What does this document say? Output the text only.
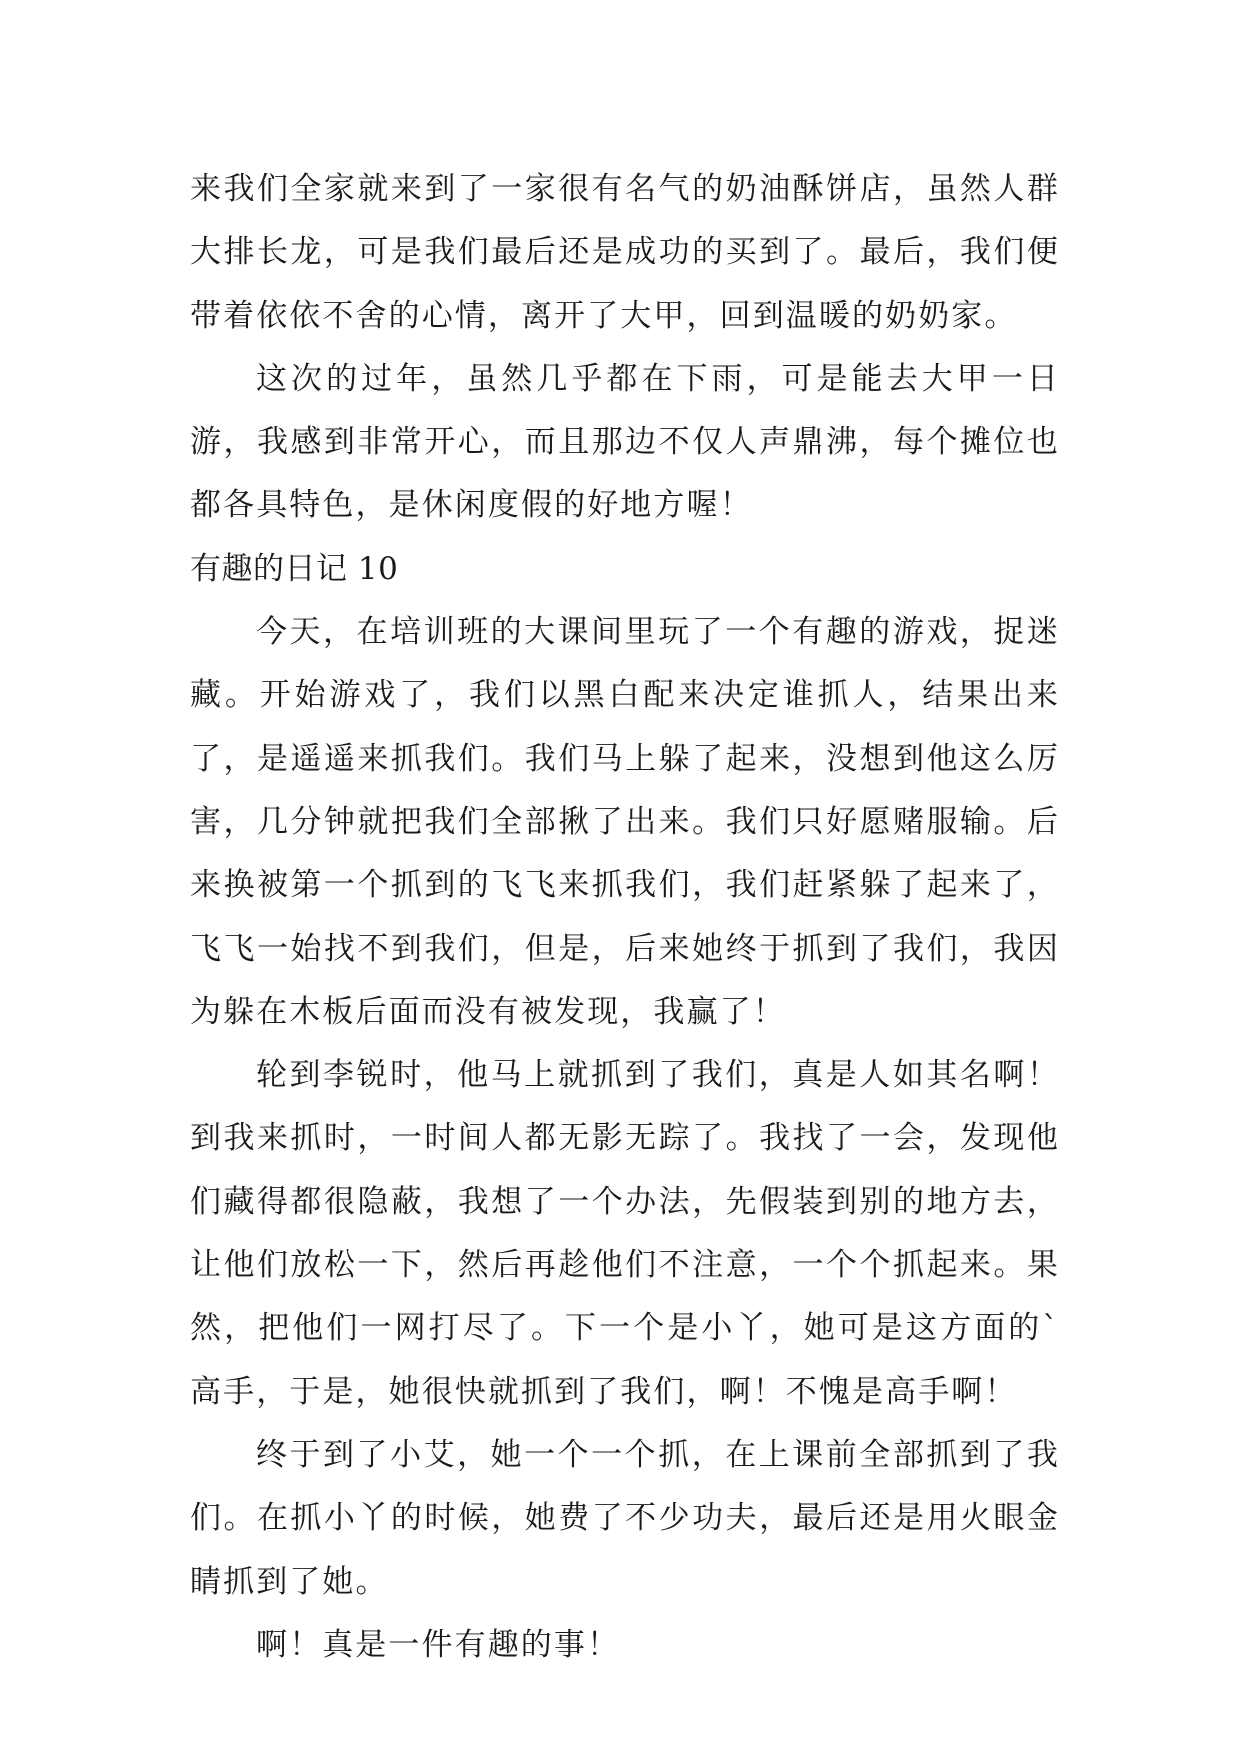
来我们全家就来到了一家很有名气的奶油酥饼店，虽然人群大排长龙，可是我们最后还是成功的买到了。最后，我们便带着依依不舍的心情，离开了大甲，回到温暖的奶奶家。

这次的过年，虽然几乎都在下雨，可是能去大甲一日游，我感到非常开心，而且那边不仅人声鼎沸，每个摊位也都各具特色，是休闲度假的好地方喔！

有趣的日记 10

今天，在培训班的大课间里玩了一个有趣的游戏，捉迷藏。开始游戏了，我们以黑白配来决定谁抓人，结果出来了，是遥遥来抓我们。我们马上躲了起来，没想到他这么厉害，几分钟就把我们全部揪了出来。我们只好愿赌服输。后来换被第一个抓到的飞飞来抓我们，我们赶紧躲了起来了，飞飞一始找不到我们，但是，后来她终于抓到了我们，我因为躲在木板后面而没有被发现，我赢了！

轮到李锐时，他马上就抓到了我们，真是人如其名啊！到我来抓时，一时间人都无影无踪了。我找了一会，发现他们藏得都很隐蔽，我想了一个办法，先假装到别的地方去，让他们放松一下，然后再趁他们不注意，一个个抓起来。果然，把他们一网打尽了。下一个是小丫，她可是这方面的`高手，于是，她很快就抓到了我们，啊！不愧是高手啊！

终于到了小艾，她一个一个抓，在上课前全部抓到了我们。在抓小丫的时候，她费了不少功夫，最后还是用火眼金睛抓到了她。

啊！真是一件有趣的事！
